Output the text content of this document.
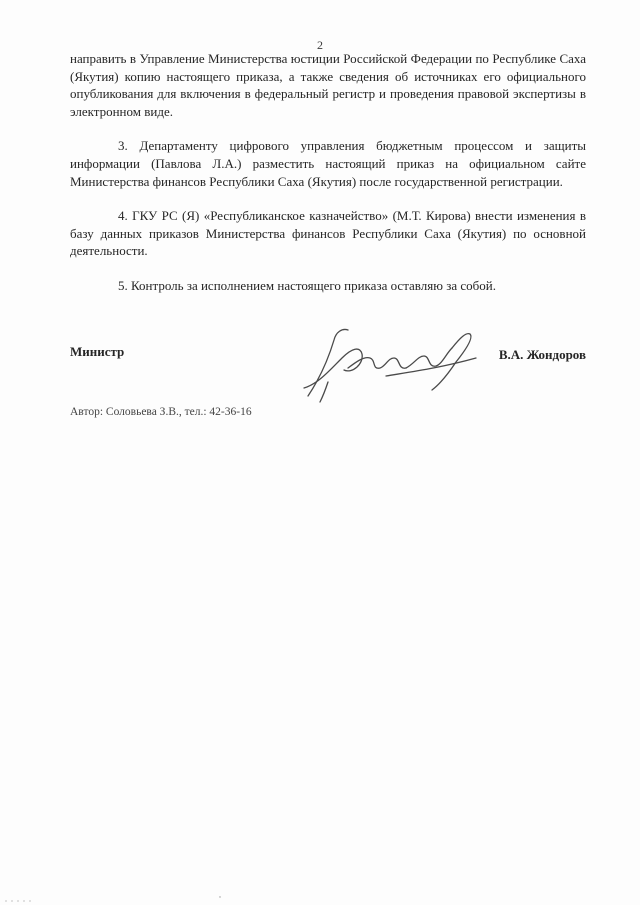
2

направить в Управление Министерства юстиции Российской Федерации по Республике Саха (Якутия) копию настоящего приказа, а также сведения об источниках его официального опубликования для включения в федеральный регистр и проведения правовой экспертизы в электронном виде.

3. Департаменту цифрового управления бюджетным процессом и защиты информации (Павлова Л.А.) разместить настоящий приказ на официальном сайте Министерства финансов Республики Саха (Якутия) после государственной регистрации.

4. ГКУ РС (Я) «Республиканское казначейство» (М.Т. Кирова) внести изменения в базу данных приказов Министерства финансов Республики Саха (Якутия) по основной деятельности.

5. Контроль за исполнением настоящего приказа оставляю за собой.

Министр	В.А. Жондоров
Автор: Соловьева З.В., тел.: 42-36-16
